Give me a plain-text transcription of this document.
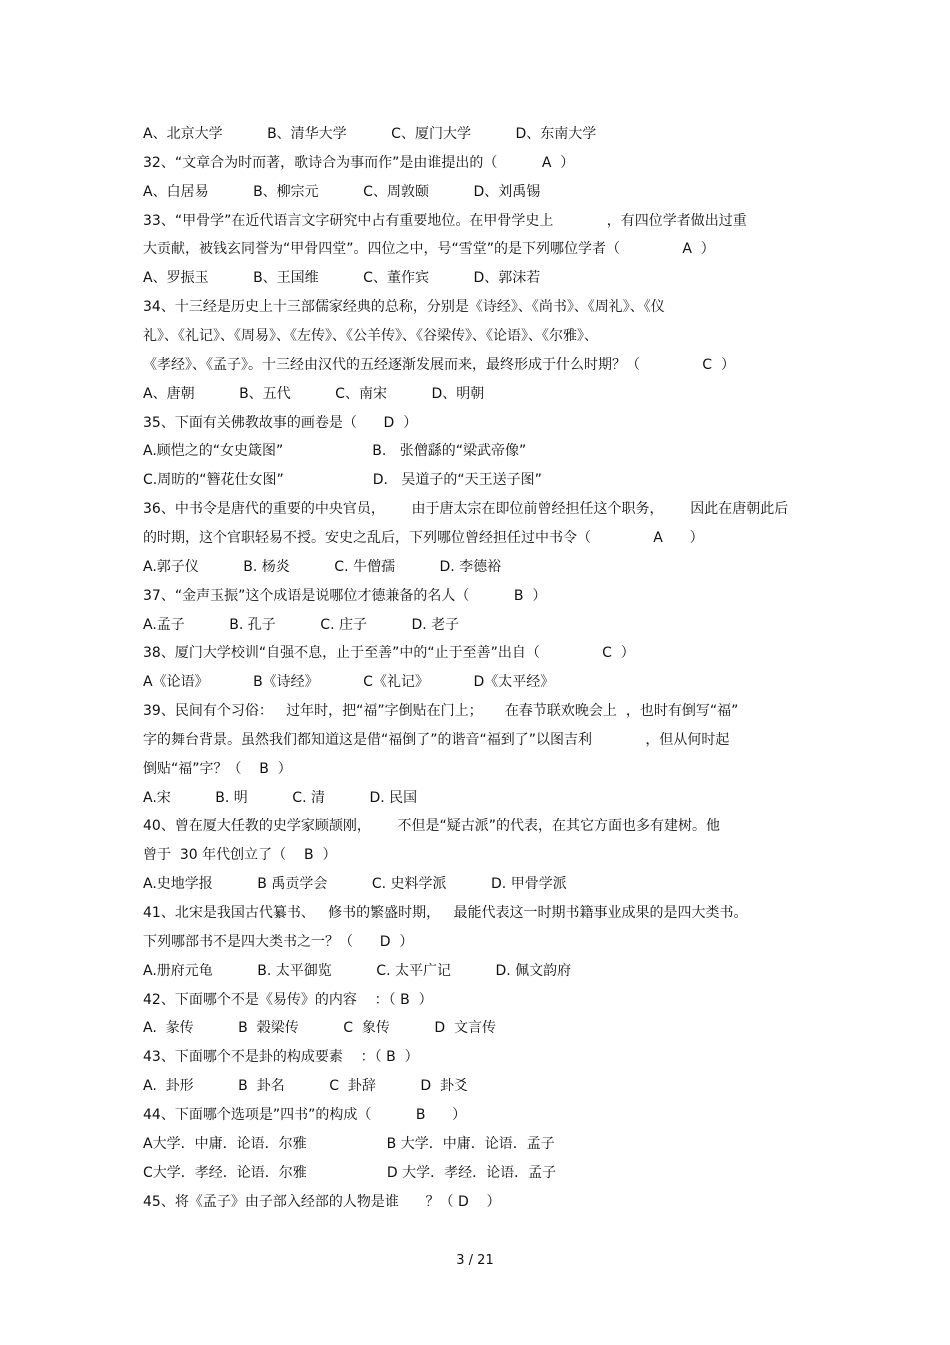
A、北京大学          B、清华大学          C、厦门大学          D、东南大学
32、“文章合为时而著，歌诗合为事而作”是由谁提出的（          A  ）
A、白居易          B、柳宗元          C、周敦颐          D、刘禹锡
33、“甲骨学”在近代语言文字研究中占有重要地位。在甲骨学史上            ，有四位学者做出过重
大贡献，被钱玄同誉为“甲骨四堂”。四位之中，号“雪堂”的是下列哪位学者（              A  ）
A、罗振玉          B、王国维          C、董作宾          D、郭沫若
34、十三经是历史上十三部儒家经典的总称，分别是《诗经》、《尚书》、《周礼》、《仪
礼》、《礼记》、《周易》、《左传》、《公羊传》、《谷梁传》、《论语》、《尔雅》、
《孝经》、《孟子》。十三经由汉代的五经逐渐发展而来，最终形成于什么时期？（              C  ）
A、唐朝          B、五代          C、南宋          D、明朝
35、下面有关佛教故事的画卷是（      D  ）
A.顾恺之的“女史箴图”                    B.   张僧繇的“梁武帝像”
C.周昉的“簪花仕女图”                    D.   吴道子的“天王送子图”
36、中书令是唐代的重要的中央官员，      由于唐太宗在即位前曾经担任这个职务，      因此在唐朝此后
的时期，这个官职轻易不授。安史之乱后，下列哪位曾经担任过中书令（              A      ）
A.郭子仪          B. 杨炎          C. 牛僧孺          D. 李德裕
37、“金声玉振”这个成语是说哪位才德兼备的名人（          B  ）
A.孟子          B. 孔子          C. 庄子          D. 老子
38、厦门大学校训“自强不息，止于至善”中的“止于至善”出自（              C  ）
A《论语》          B《诗经》          C《礼记》          D《太平经》
39、民间有个习俗：   过年时，把“福”字倒贴在门上；     在春节联欢晚会上  ，也时有倒写“福”
字的舞台背景。虽然我们都知道这是借“福倒了”的谐音“福到了”以图吉利            ，但从何时起
倒贴“福”字？（    B  ）
A.宋          B. 明          C. 清          D. 民国
40、曾在厦大任教的史学家顾颉刚，      不但是“疑古派”的代表，在其它方面也多有建树。他
曾于  30 年代创立了（    B  ）
A.史地学报          B 禹贡学会          C. 史料学派          D. 甲骨学派
41、北宋是我国古代纂书、   修书的繁盛时期，   最能代表这一时期书籍事业成果的是四大类书。
下列哪部书不是四大类书之一？（      D  ）
A.册府元龟          B. 太平御览          C. 太平广记          D. 佩文韵府
42、下面哪个不是《易传》的内容    ：（ B  ）
A.  彖传          B  榖梁传          C  象传          D  文言传
43、下面哪个不是卦的构成要素    ：（ B  ）
A.  卦形          B  卦名          C  卦辞          D  卦爻
44、下面哪个选项是”四书”的构成（          B      ）
A大学．中庸．论语．尔雅                  B 大学．中庸．论语．孟子
C大学．孝经．论语．尔雅                  D 大学．孝经．论语．孟子
45、将《孟子》由子部入经部的人物是谁      ？（ D    ）
3 / 21
